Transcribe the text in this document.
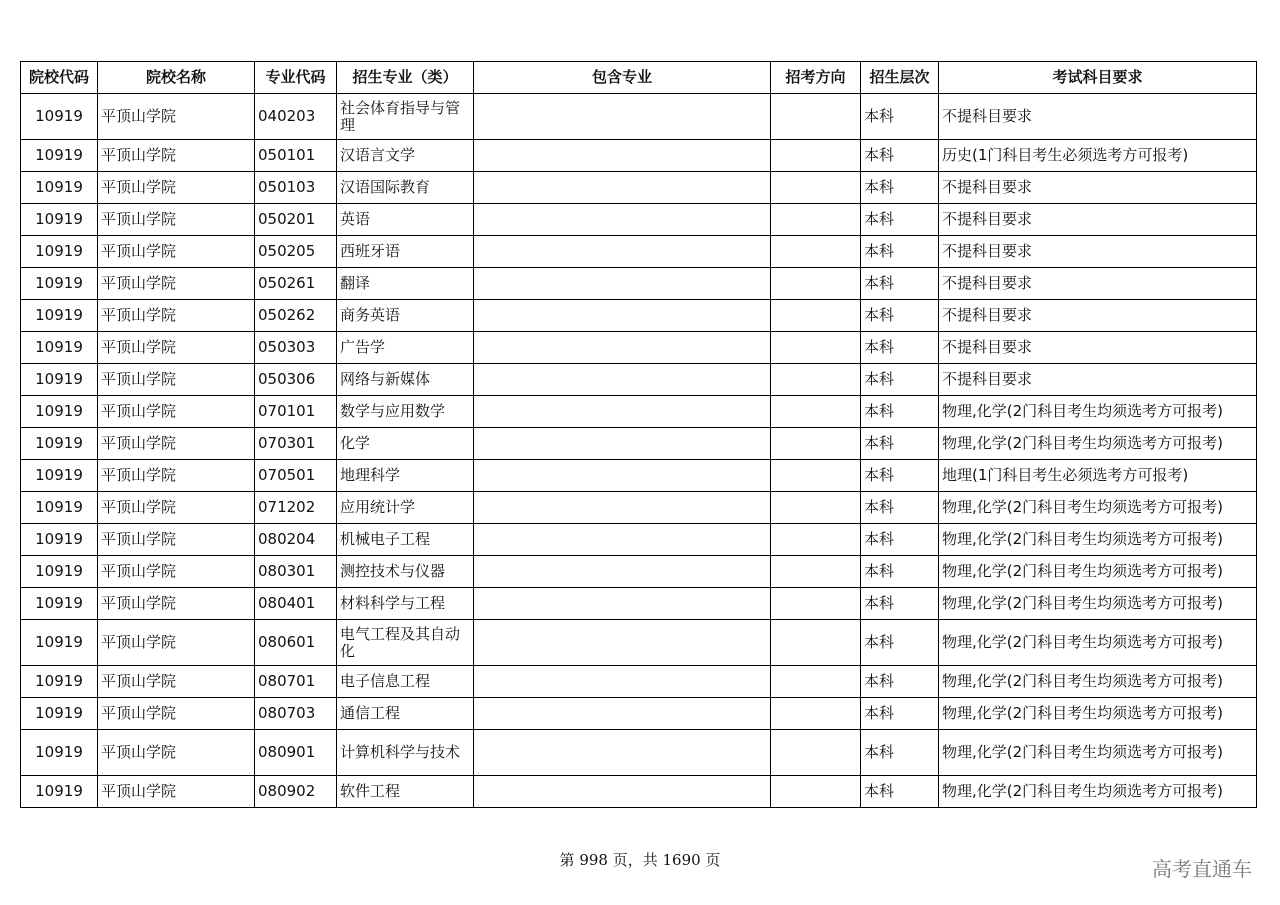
院校代码	院校名称	专业代码	招生专业（类）	包含专业	招考方向	招生层次	考试科目要求
10919	平顶山学院	040203	社会体育指导与管理			本科	不提科目要求
10919	平顶山学院	050101	汉语言文学			本科	历史(1门科目考生必须选考方可报考)
10919	平顶山学院	050103	汉语国际教育			本科	不提科目要求
10919	平顶山学院	050201	英语			本科	不提科目要求
10919	平顶山学院	050205	西班牙语			本科	不提科目要求
10919	平顶山学院	050261	翻译			本科	不提科目要求
10919	平顶山学院	050262	商务英语			本科	不提科目要求
10919	平顶山学院	050303	广告学			本科	不提科目要求
10919	平顶山学院	050306	网络与新媒体			本科	不提科目要求
10919	平顶山学院	070101	数学与应用数学			本科	物理,化学(2门科目考生均须选考方可报考)
10919	平顶山学院	070301	化学			本科	物理,化学(2门科目考生均须选考方可报考)
10919	平顶山学院	070501	地理科学			本科	地理(1门科目考生必须选考方可报考)
10919	平顶山学院	071202	应用统计学			本科	物理,化学(2门科目考生均须选考方可报考)
10919	平顶山学院	080204	机械电子工程			本科	物理,化学(2门科目考生均须选考方可报考)
10919	平顶山学院	080301	测控技术与仪器			本科	物理,化学(2门科目考生均须选考方可报考)
10919	平顶山学院	080401	材料科学与工程			本科	物理,化学(2门科目考生均须选考方可报考)
10919	平顶山学院	080601	电气工程及其自动化			本科	物理,化学(2门科目考生均须选考方可报考)
10919	平顶山学院	080701	电子信息工程			本科	物理,化学(2门科目考生均须选考方可报考)
10919	平顶山学院	080703	通信工程			本科	物理,化学(2门科目考生均须选考方可报考)
10919	平顶山学院	080901	计算机科学与技术			本科	物理,化学(2门科目考生均须选考方可报考)
10919	平顶山学院	080902	软件工程			本科	物理,化学(2门科目考生均须选考方可报考)
第 998 页，共 1690 页	高考直通车
